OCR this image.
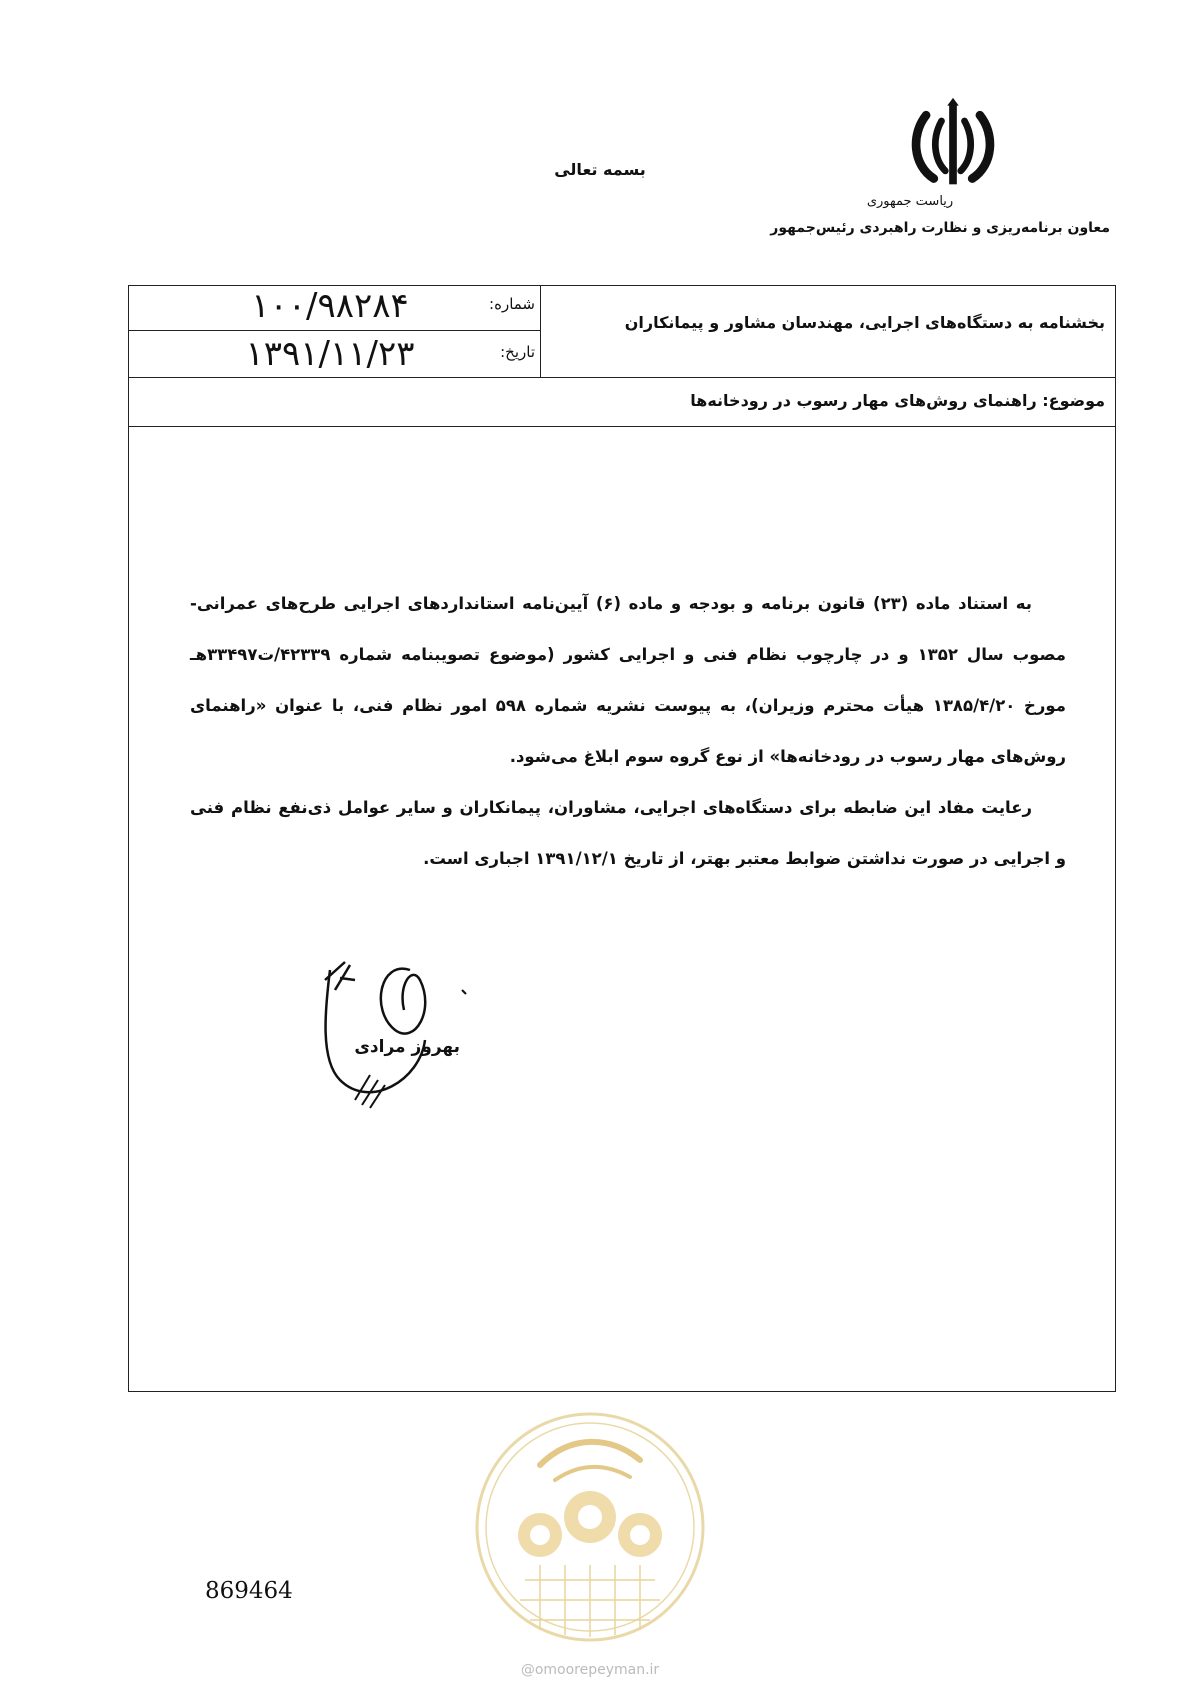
بسمه تعالی
ریاست جمهوری
معاون برنامه‌ریزی و نظارت راهبردی رئیس‌جمهور
شماره:
۱۰۰/۹۸۲۸۴
تاریخ:
۱۳۹۱/۱۱/۲۳
بخشنامه به دستگاه‌های اجرایی، مهندسان مشاور و پیمانکاران
موضوع: راهنمای روش‌های مهار رسوب در رودخانه‌ها

به استناد ماده (۲۳) قانون برنامه و بودجه و ماده (۶) آیین‌نامه استانداردهای اجرایی طرح‌های عمرانی- مصوب سال ۱۳۵۲ و در چارچوب نظام فنی و اجرایی کشور (موضوع تصویبنامه شماره ۴۲۳۳۹/ت۳۳۴۹۷هـ مورخ ۱۳۸۵/۴/۲۰ هیأت محترم وزیران)، به پیوست نشریه شماره ۵۹۸ امور نظام فنی، با عنوان «راهنمای روش‌های مهار رسوب در رودخانه‌ها» از نوع گروه سوم ابلاغ می‌شود.

رعایت مفاد این ضابطه برای دستگاه‌های اجرایی، مشاوران، پیمانکاران و سایر عوامل ذی‌نفع نظام فنی و اجرایی در صورت نداشتن ضوابط معتبر بهتر، از تاریخ ۱۳۹۱/۱۲/۱ اجباری است.

بهروز مرادی
@omoorepeyman.ir
869464
